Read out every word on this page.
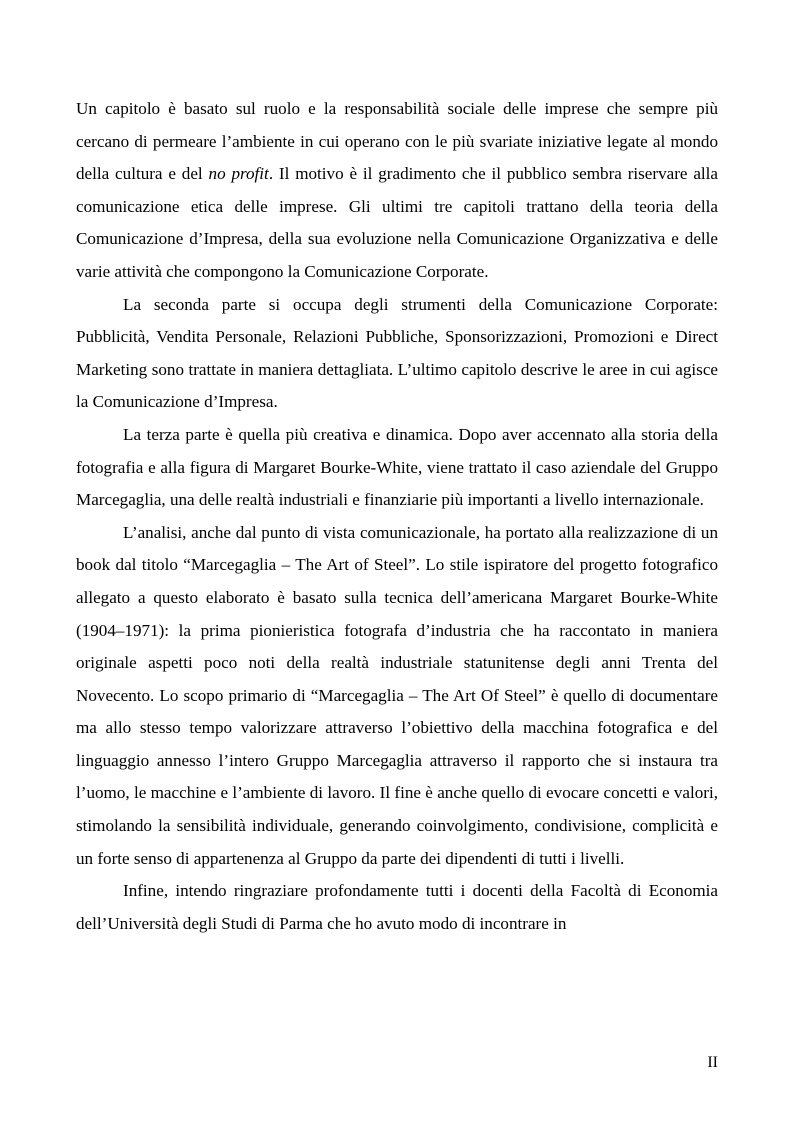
Un capitolo è basato sul ruolo e la responsabilità sociale delle imprese che sempre più cercano di permeare l’ambiente in cui operano con le più svariate iniziative legate al mondo della cultura e del no profit. Il motivo è il gradimento che il pubblico sembra riservare alla comunicazione etica delle imprese. Gli ultimi tre capitoli trattano della teoria della Comunicazione d’Impresa, della sua evoluzione nella Comunicazione Organizzativa e delle varie attività che compongono la Comunicazione Corporate.

La seconda parte si occupa degli strumenti della Comunicazione Corporate: Pubblicità, Vendita Personale, Relazioni Pubbliche, Sponsorizzazioni, Promozioni e Direct Marketing sono trattate in maniera dettagliata. L’ultimo capitolo descrive le aree in cui agisce la Comunicazione d’Impresa.

La terza parte è quella più creativa e dinamica. Dopo aver accennato alla storia della fotografia e alla figura di Margaret Bourke-White, viene trattato il caso aziendale del Gruppo Marcegaglia, una delle realtà industriali e finanziarie più importanti a livello internazionale.

L’analisi, anche dal punto di vista comunicazionale, ha portato alla realizzazione di un book dal titolo “Marcegaglia – The Art of Steel”. Lo stile ispiratore del progetto fotografico allegato a questo elaborato è basato sulla tecnica dell’americana Margaret Bourke-White (1904–1971): la prima pionieristica fotografa d’industria che ha raccontato in maniera originale aspetti poco noti della realtà industriale statunitense degli anni Trenta del Novecento. Lo scopo primario di “Marcegaglia – The Art Of Steel” è quello di documentare ma allo stesso tempo valorizzare attraverso l’obiettivo della macchina fotografica e del linguaggio annesso l’intero Gruppo Marcegaglia attraverso il rapporto che si instaura tra l’uomo, le macchine e l’ambiente di lavoro. Il fine è anche quello di evocare concetti e valori, stimolando la sensibilità individuale, generando coinvolgimento, condivisione, complicità e un forte senso di appartenenza al Gruppo da parte dei dipendenti di tutti i livelli.

Infine, intendo ringraziare profondamente tutti i docenti della Facoltà di Economia dell’Università degli Studi di Parma che ho avuto modo di incontrare in

II
